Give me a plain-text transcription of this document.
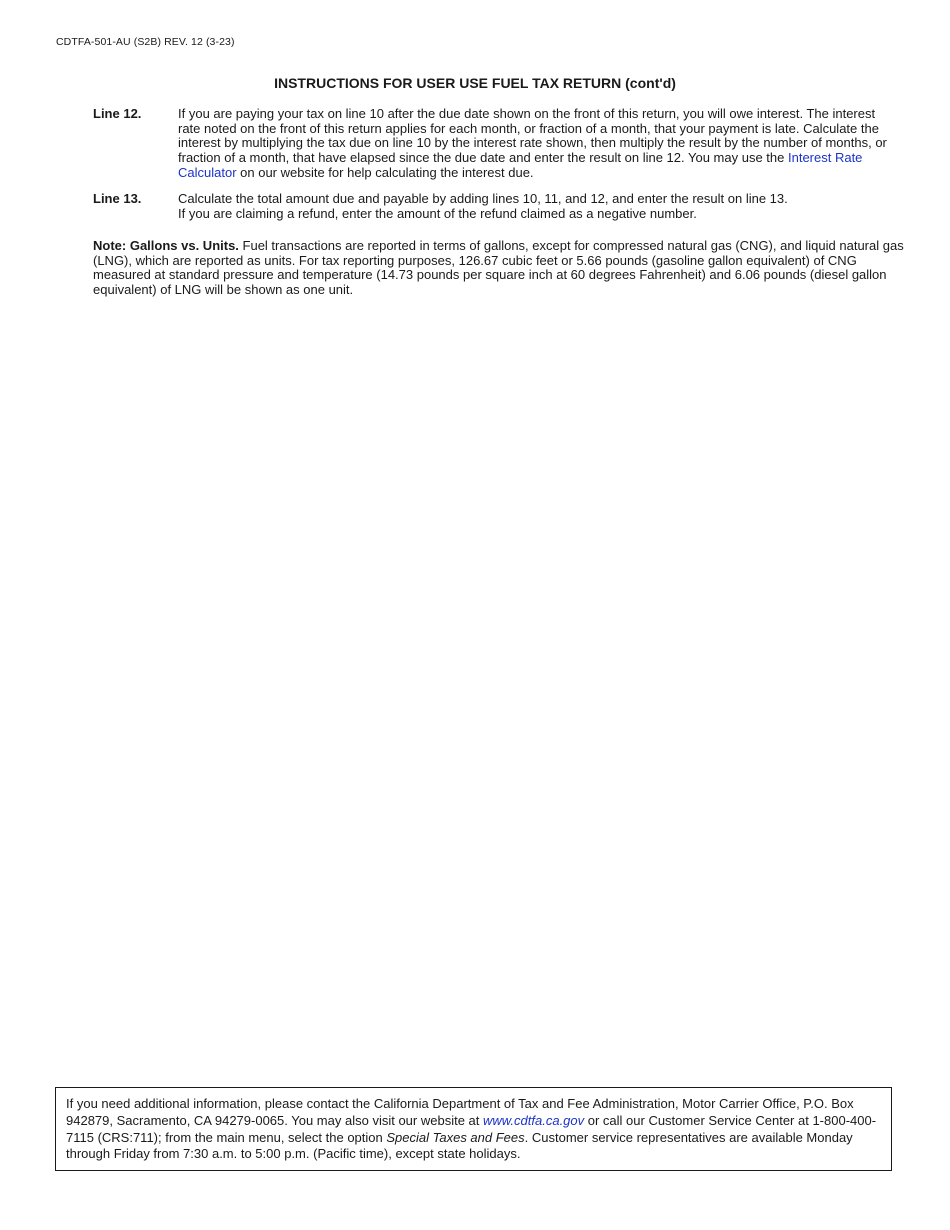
CDTFA-501-AU (S2B) REV. 12 (3-23)
INSTRUCTIONS FOR USER USE FUEL TAX RETURN (cont'd)
Line 12.	If you are paying your tax on line 10 after the due date shown on the front of this return, you will owe interest. The interest rate noted on the front of this return applies for each month, or fraction of a month, that your payment is late. Calculate the interest by multiplying the tax due on line 10 by the interest rate shown, then multiply the result by the number of months, or fraction of a month, that have elapsed since the due date and enter the result on line 12. You may use the Interest Rate Calculator on our website for help calculating the interest due.

Line 13.	Calculate the total amount due and payable by adding lines 10, 11, and 12, and enter the result on line 13.

If you are claiming a refund, enter the amount of the refund claimed as a negative number.

Note: Gallons vs. Units. Fuel transactions are reported in terms of gallons, except for compressed natural gas (CNG), and liquid natural gas (LNG), which are reported as units. For tax reporting purposes, 126.67 cubic feet or 5.66 pounds (gasoline gallon equivalent) of CNG measured at standard pressure and temperature (14.73 pounds per square inch at 60 degrees Fahrenheit) and 6.06 pounds (diesel gallon equivalent) of LNG will be shown as one unit.
If you need additional information, please contact the California Department of Tax and Fee Administration, Motor Carrier Office, P.O. Box 942879, Sacramento, CA 94279-0065. You may also visit our website at www.cdtfa.ca.gov or call our Customer Service Center at 1-800-400-7115 (CRS:711); from the main menu, select the option Special Taxes and Fees. Customer service representatives are available Monday through Friday from 7:30 a.m. to 5:00 p.m. (Pacific time), except state holidays.
